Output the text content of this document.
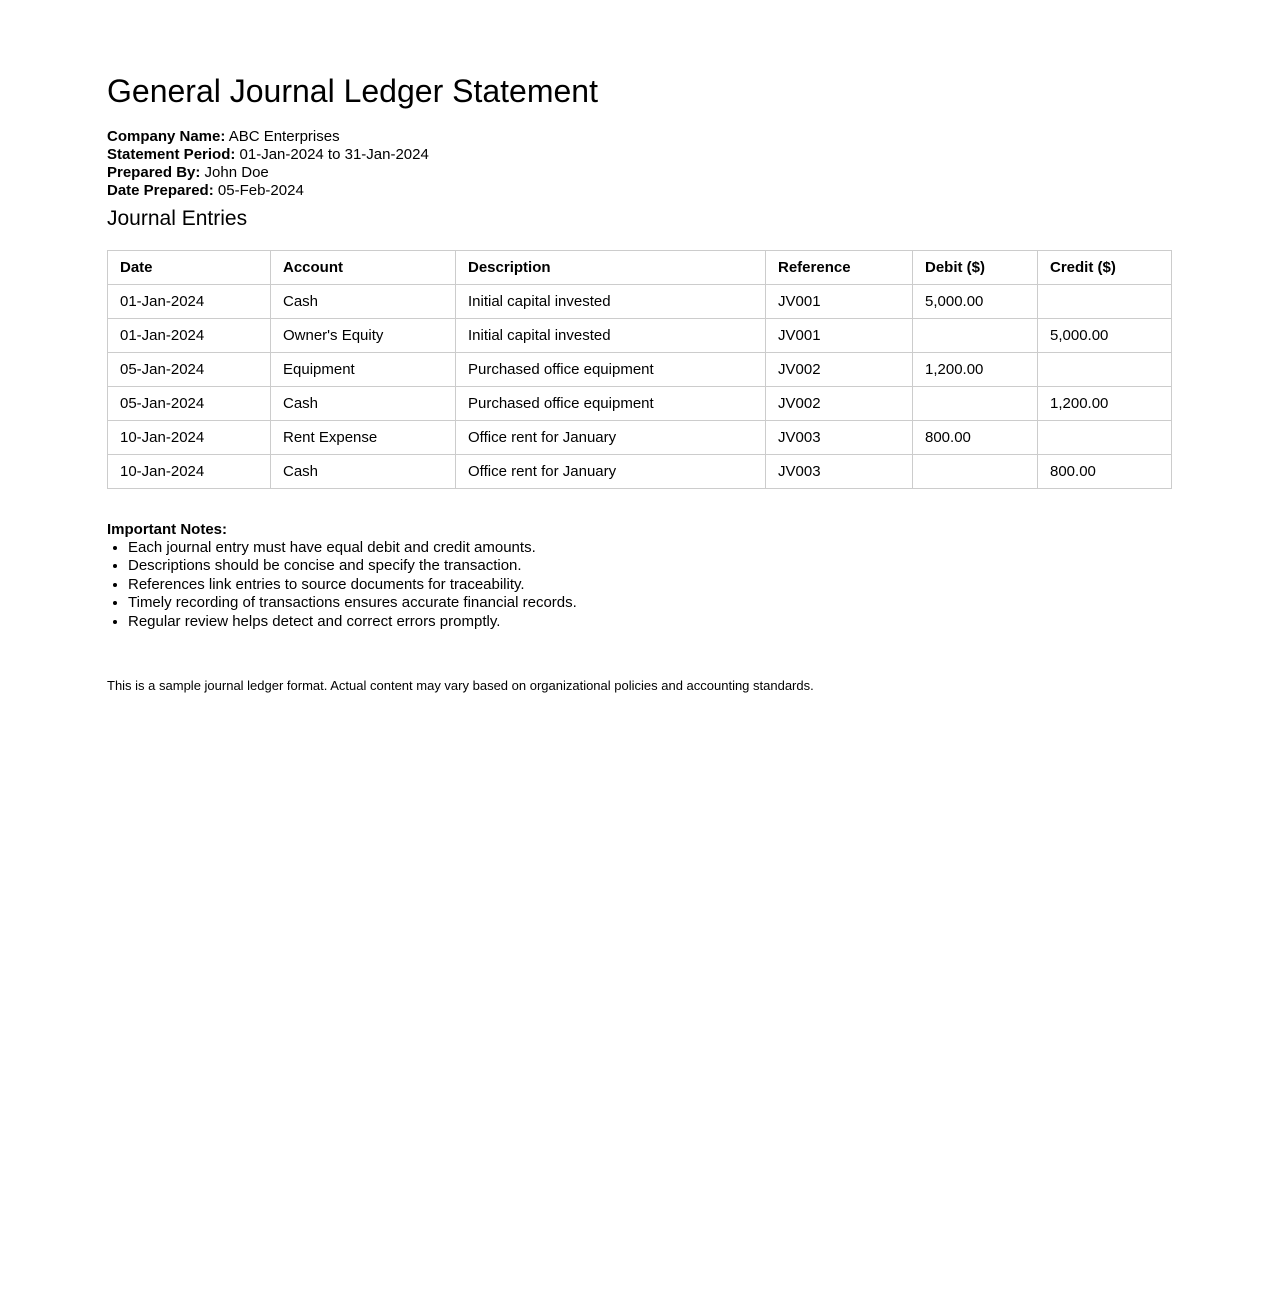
General Journal Ledger Statement

Company Name: ABC Enterprises

Statement Period: 01-Jan-2024 to 31-Jan-2024

Prepared By: John Doe

Date Prepared: 05-Feb-2024

Journal Entries
Date	Account	Description	Reference	Debit ($)	Credit ($)
01-Jan-2024	Cash	Initial capital invested	JV001	5,000.00	
01-Jan-2024	Owner's Equity	Initial capital invested	JV001		5,000.00
05-Jan-2024	Equipment	Purchased office equipment	JV002	1,200.00	
05-Jan-2024	Cash	Purchased office equipment	JV002		1,200.00
10-Jan-2024	Rent Expense	Office rent for January	JV003	800.00	
10-Jan-2024	Cash	Office rent for January	JV003		800.00

Important Notes:

• Each journal entry must have equal debit and credit amounts.
• Descriptions should be concise and specify the transaction.
• References link entries to source documents for traceability.
• Timely recording of transactions ensures accurate financial records.
• Regular review helps detect and correct errors promptly.

This is a sample journal ledger format. Actual content may vary based on organizational policies and accounting standards.
